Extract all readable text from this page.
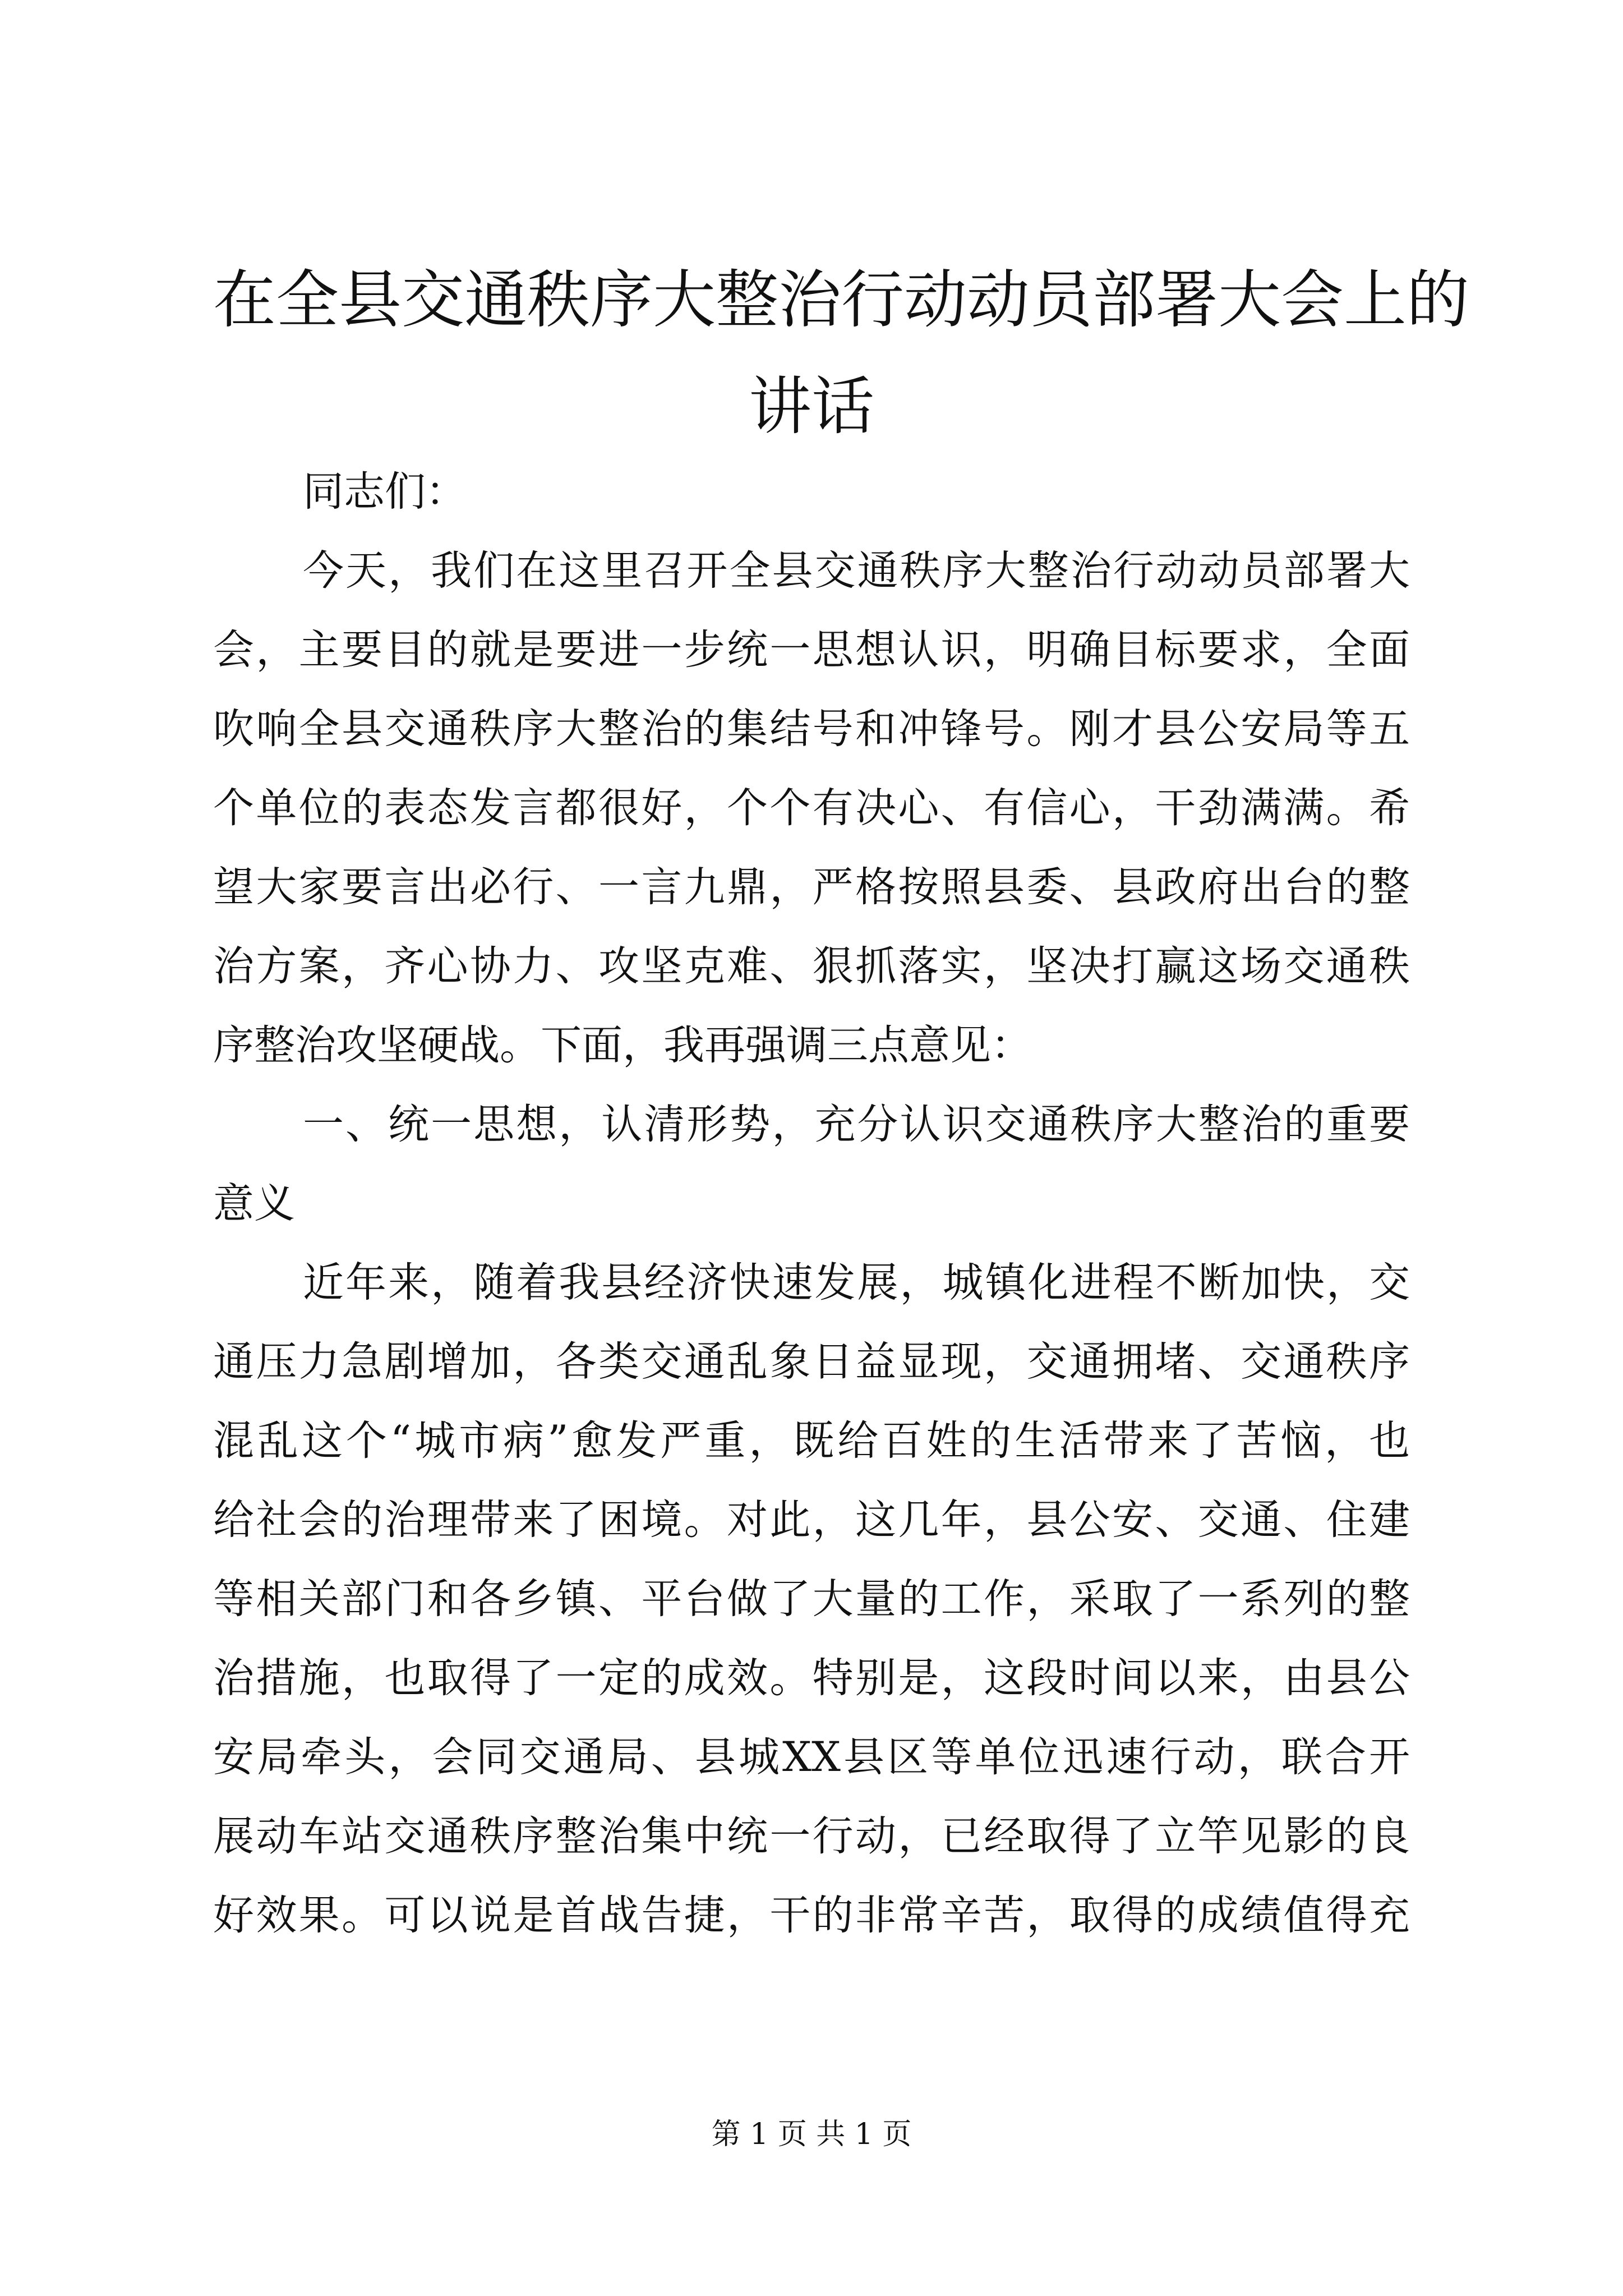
在全县交通秩序大整治行动动员部署大会上的
讲话
同志们：
今天，我们在这里召开全县交通秩序大整治行动动员部署大
会，主要目的就是要进一步统一思想认识，明确目标要求，全面
吹响全县交通秩序大整治的集结号和冲锋号。刚才县公安局等五
个单位的表态发言都很好，个个有决心、有信心，干劲满满。希
望大家要言出必行、一言九鼎，严格按照县委、县政府出台的整
治方案，齐心协力、攻坚克难、狠抓落实，坚决打赢这场交通秩
序整治攻坚硬战。下面，我再强调三点意见：
一、统一思想，认清形势，充分认识交通秩序大整治的重要
意义
近年来，随着我县经济快速发展，城镇化进程不断加快，交
通压力急剧增加，各类交通乱象日益显现，交通拥堵、交通秩序
混乱这个“城市病”愈发严重，既给百姓的生活带来了苦恼，也
给社会的治理带来了困境。对此，这几年，县公安、交通、住建
等相关部门和各乡镇、平台做了大量的工作，采取了一系列的整
治措施，也取得了一定的成效。特别是，这段时间以来，由县公
安局牵头，会同交通局、县城XX县区等单位迅速行动，联合开
展动车站交通秩序整治集中统一行动，已经取得了立竿见影的良
好效果。可以说是首战告捷，干的非常辛苦，取得的成绩值得充
第 1 页 共 1 页
